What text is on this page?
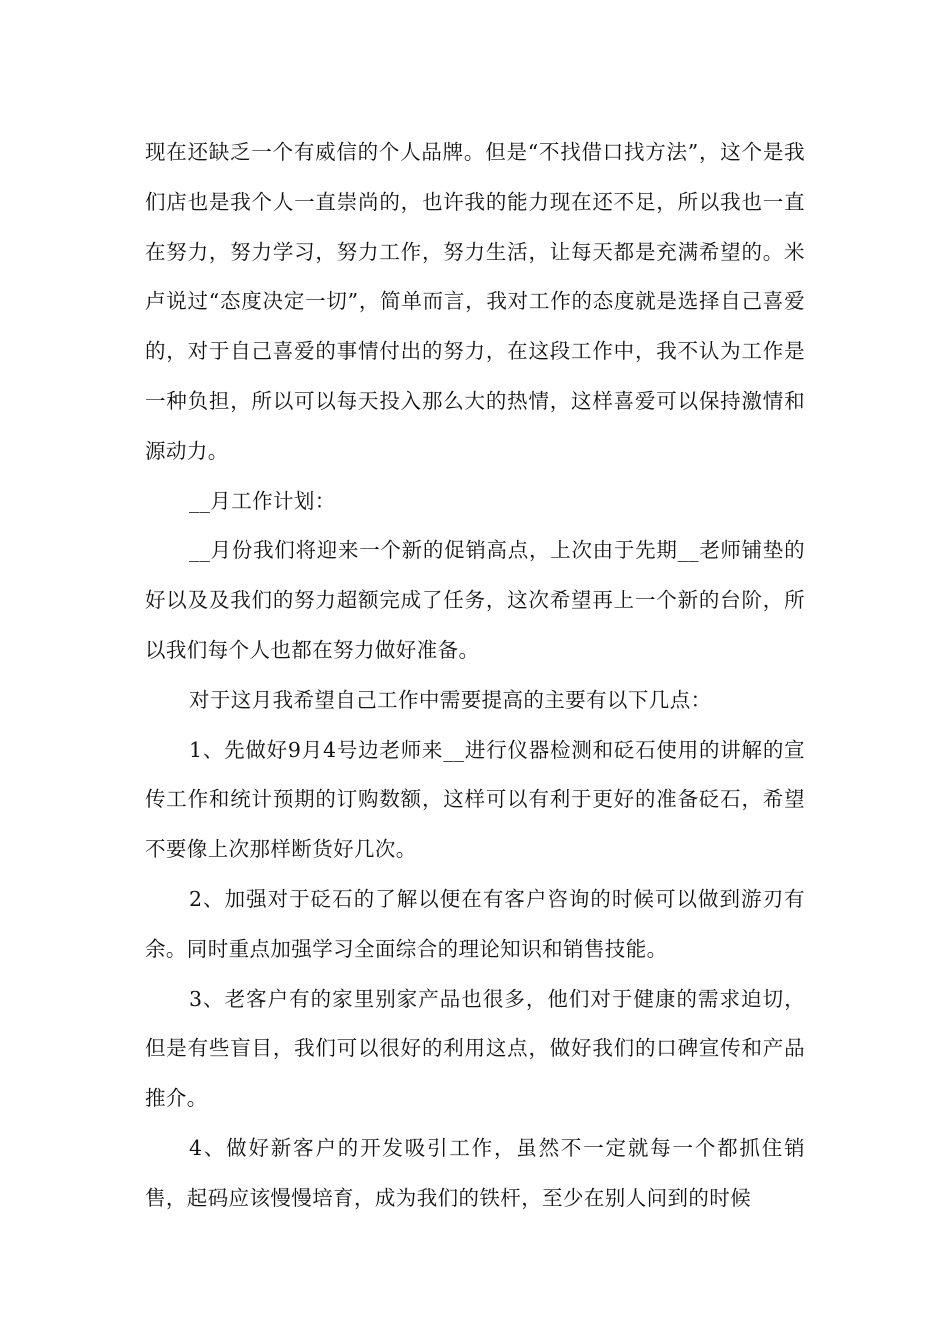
现在还缺乏一个有威信的个人品牌。但是“不找借口找方法”，这个是我们店也是我个人一直崇尚的，也许我的能力现在还不足，所以我也一直在努力，努力学习，努力工作，努力生活，让每天都是充满希望的。米卢说过“态度决定一切”，简单而言，我对工作的态度就是选择自己喜爱的，对于自己喜爱的事情付出的努力，在这段工作中，我不认为工作是一种负担，所以可以每天投入那么大的热情，这样喜爱可以保持激情和源动力。

__月工作计划：

__月份我们将迎来一个新的促销高点，上次由于先期__老师铺垫的好以及及我们的努力超额完成了任务，这次希望再上一个新的台阶，所以我们每个人也都在努力做好准备。

对于这月我希望自己工作中需要提高的主要有以下几点：

1、先做好9月4号边老师来__进行仪器检测和砭石使用的讲解的宣传工作和统计预期的订购数额，这样可以有利于更好的准备砭石，希望不要像上次那样断货好几次。

2、加强对于砭石的了解以便在有客户咨询的时候可以做到游刃有余。同时重点加强学习全面综合的理论知识和销售技能。

3、老客户有的家里别家产品也很多，他们对于健康的需求迫切，但是有些盲目，我们可以很好的利用这点，做好我们的口碑宣传和产品推介。

4、做好新客户的开发吸引工作，虽然不一定就每一个都抓住销售，起码应该慢慢培育，成为我们的铁杆，至少在别人问到的时候
